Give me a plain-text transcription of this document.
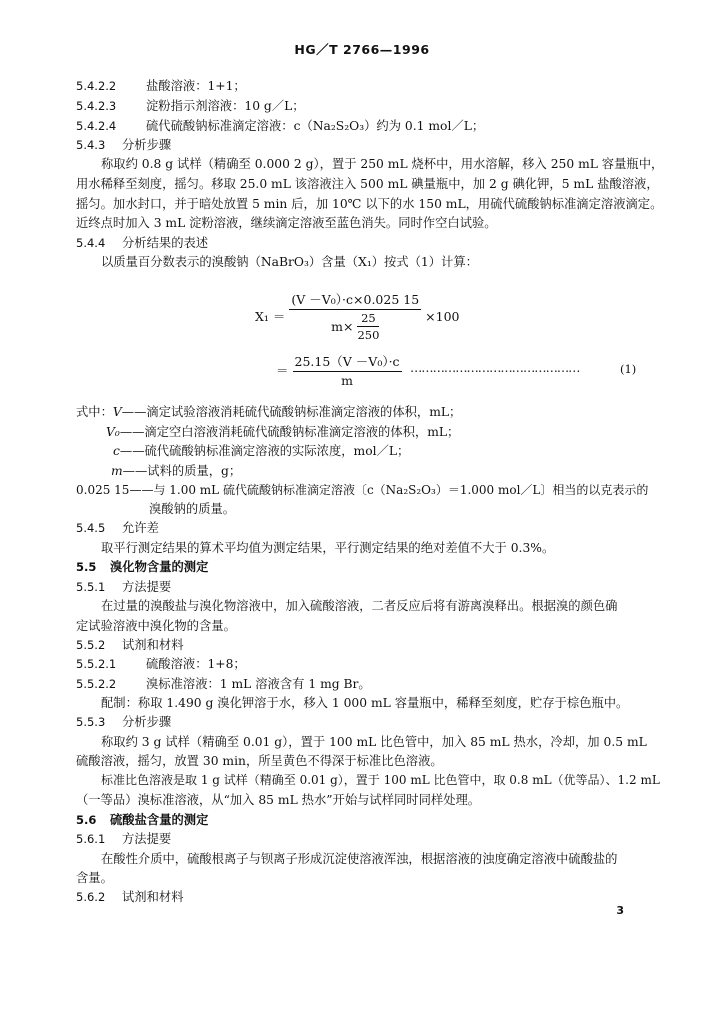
HG／T 2766—1996
5.4.2.2 盐酸溶液：1+1；
5.4.2.3 淀粉指示剂溶液：10 g／L；
5.4.2.4 硫代硫酸钠标准滴定溶液：c（Na₂S₂O₃）约为 0.1 mol／L；
5.4.3 分析步骤
称取约 0.8 g 试样（精确至 0.000 2 g），置于 250 mL 烧杯中，用水溶解，移入 250 mL 容量瓶中，
用水稀释至刻度，摇匀。移取 25.0 mL 该溶液注入 500 mL 碘量瓶中，加 2 g 碘化钾，5 mL 盐酸溶液，
摇匀。加水封口，并于暗处放置 5 min 后，加 10℃ 以下的水 150 mL，用硫代硫酸钠标准滴定溶液滴定。
近终点时加入 3 mL 淀粉溶液，继续滴定溶液至蓝色消失。同时作空白试验。
5.4.4 分析结果的表述
以质量百分数表示的溴酸钠（NaBrO₃）含量（X₁）按式（1）计算：
$X_1 = \frac{\text{(V －V₀）·c×0.025 15}}{m\times \frac{25}{250}} \times 100$
＝ $\frac{\text{25.15（V －V₀）·c}}{m}$ ………………………………………	(1)
式中：V——滴定试验溶液消耗硫代硫酸钠标准滴定溶液的体积，mL；
V₀——滴定空白溶液消耗硫代硫酸钠标准滴定溶液的体积，mL；
c——硫代硫酸钠标准滴定溶液的实际浓度，mol／L；
m——试料的质量，g；
0.025 15——与 1.00 mL 硫代硫酸钠标准滴定溶液〔c（Na₂S₂O₃）＝1.000 mol／L〕相当的以克表示的
溴酸钠的质量。
5.4.5 允许差
取平行测定结果的算术平均值为测定结果，平行测定结果的绝对差值不大于 0.3%。
5.5 溴化物含量的测定
5.5.1 方法提要
在过量的溴酸盐与溴化物溶液中，加入硫酸溶液，二者反应后将有游离溴释出。根据溴的颜色确
定试验溶液中溴化物的含量。
5.5.2 试剂和材料
5.5.2.1 硫酸溶液：1+8；
5.5.2.2 溴标准溶液：1 mL 溶液含有 1 mg Br。
配制：称取 1.490 g 溴化钾溶于水，移入 1 000 mL 容量瓶中，稀释至刻度，贮存于棕色瓶中。
5.5.3 分析步骤
称取约 3 g 试样（精确至 0.01 g），置于 100 mL 比色管中，加入 85 mL 热水，冷却，加 0.5 mL
硫酸溶液，摇匀，放置 30 min，所呈黄色不得深于标准比色溶液。
标准比色溶液是取 1 g 试样（精确至 0.01 g），置于 100 mL 比色管中，取 0.8 mL（优等品）、1.2 mL
（一等品）溴标准溶液，从“加入 85 mL 热水”开始与试样同时同样处理。
5.6 硫酸盐含量的测定
5.6.1 方法提要
在酸性介质中，硫酸根离子与钡离子形成沉淀使溶液浑浊，根据溶液的浊度确定溶液中硫酸盐的
含量。
5.6.2 试剂和材料
3
